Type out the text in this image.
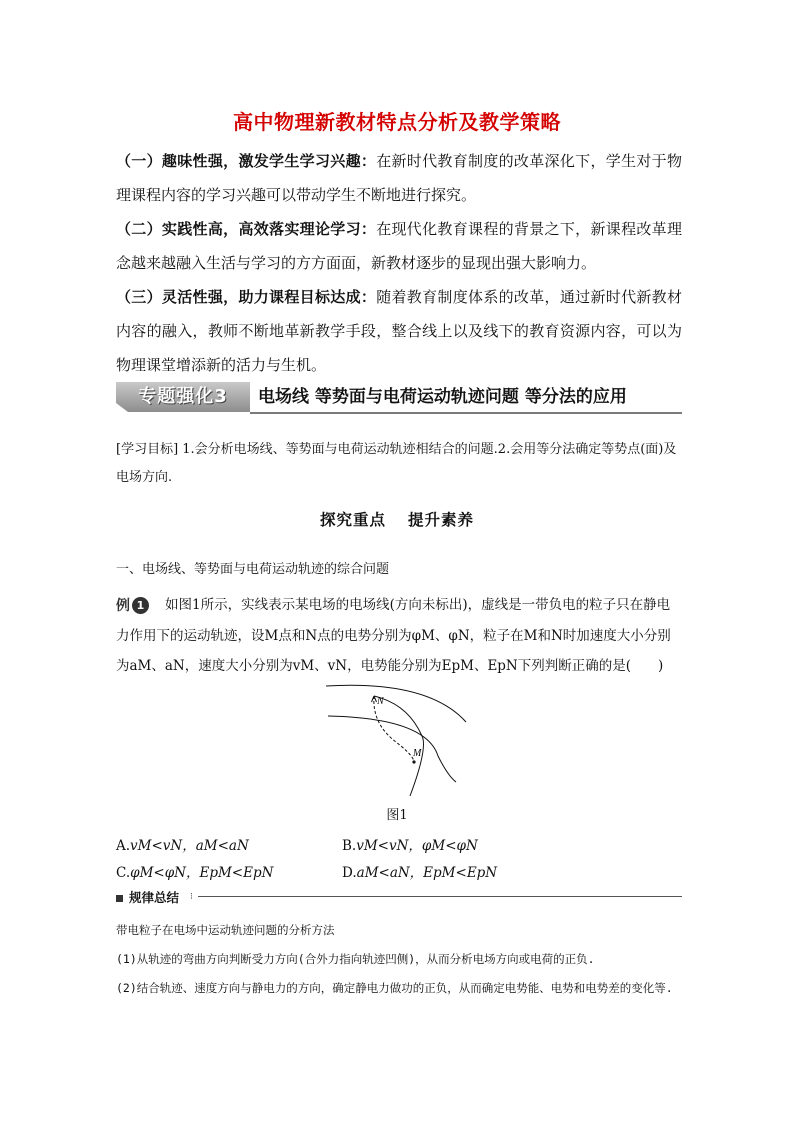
高中物理新教材特点分析及教学策略
（一）趣味性强，激发学生学习兴趣：在新时代教育制度的改革深化下，学生对于物理课程内容的学习兴趣可以带动学生不断地进行探究。
（二）实践性高，高效落实理论学习：在现代化教育课程的背景之下，新课程改革理念越来越融入生活与学习的方方面面，新教材逐步的显现出强大影响力。
（三）灵活性强，助力课程目标达成：随着教育制度体系的改革，通过新时代新教材内容的融入，教师不断地革新教学手段，整合线上以及线下的教育资源内容，可以为物理课堂增添新的活力与生机。
专题强化3	电场线 等势面与电荷运动轨迹问题 等分法的应用
[学习目标] 1.会分析电场线、等势面与电荷运动轨迹相结合的问题.2.会用等分法确定等势点(面)及电场方向.
探究重点 提升素养
一、电场线、等势面与电荷运动轨迹的综合问题
例 1 如图1所示，实线表示某电场的电场线(方向未标出)，虚线是一带负电的粒子只在静电力作用下的运动轨迹，设M点和N点的电势分别为φM、φN，粒子在M和N时加速度大小分别为aM、aN，速度大小分别为vM、vN，电势能分别为EpM、EpN下列判断正确的是(　　)
N
M
图1
A.vM<vN，aM<aN	B.vM<vN，φM<φN
C.φM<φN，EpM<EpN	D.aM<aN，EpM<EpN
规律总结 ⁝
带电粒子在电场中运动轨迹问题的分析方法
(1)从轨迹的弯曲方向判断受力方向(合外力指向轨迹凹侧)，从而分析电场方向或电荷的正负.
(2)结合轨迹、速度方向与静电力的方向，确定静电力做功的正负，从而确定电势能、电势和电势差的变化等.
